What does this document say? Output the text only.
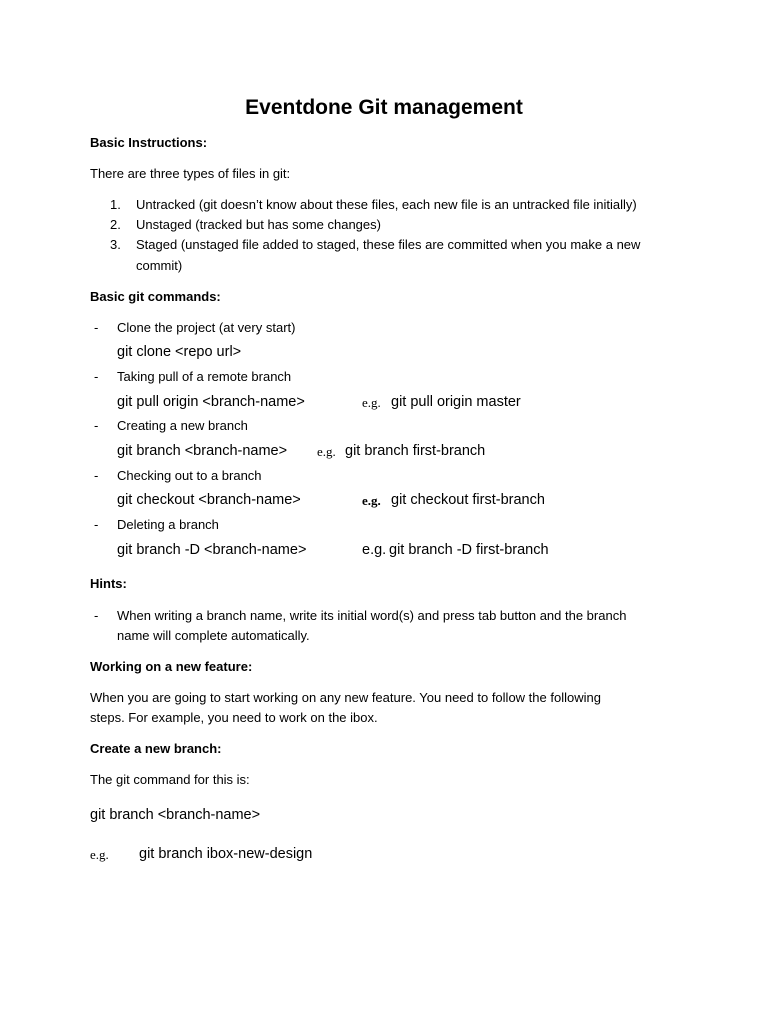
Eventdone Git management
Basic Instructions:
There are three types of files in git:
1.	Untracked (git doesn’t know about these files, each new file is an untracked file initially)
2.	Unstaged (tracked but has some changes)
3.	Staged (unstaged file added to staged, these files are committed when you make a new
commit)
Basic git commands:
- Clone the project (at very start)
git clone <repo url>
- Taking pull of a remote branch
git pull origin <branch-name>	e.g. git pull origin master
- Creating a new branch
git branch <branch-name> e.g. git branch first-branch
- Checking out to a branch
git checkout <branch-name>	e.g. git checkout first-branch
- Deleting a branch
git branch -D <branch-name>	e.g. git branch -D first-branch
Hints:
- When writing a branch name, write its initial word(s) and press tab button and the branch
name will complete automatically.
Working on a new feature:
When you are going to start working on any new feature. You need to follow the following
steps. For example, you need to work on the ibox.
Create a new branch:
The git command for this is:
git branch <branch-name>
e.g. git branch ibox-new-design
